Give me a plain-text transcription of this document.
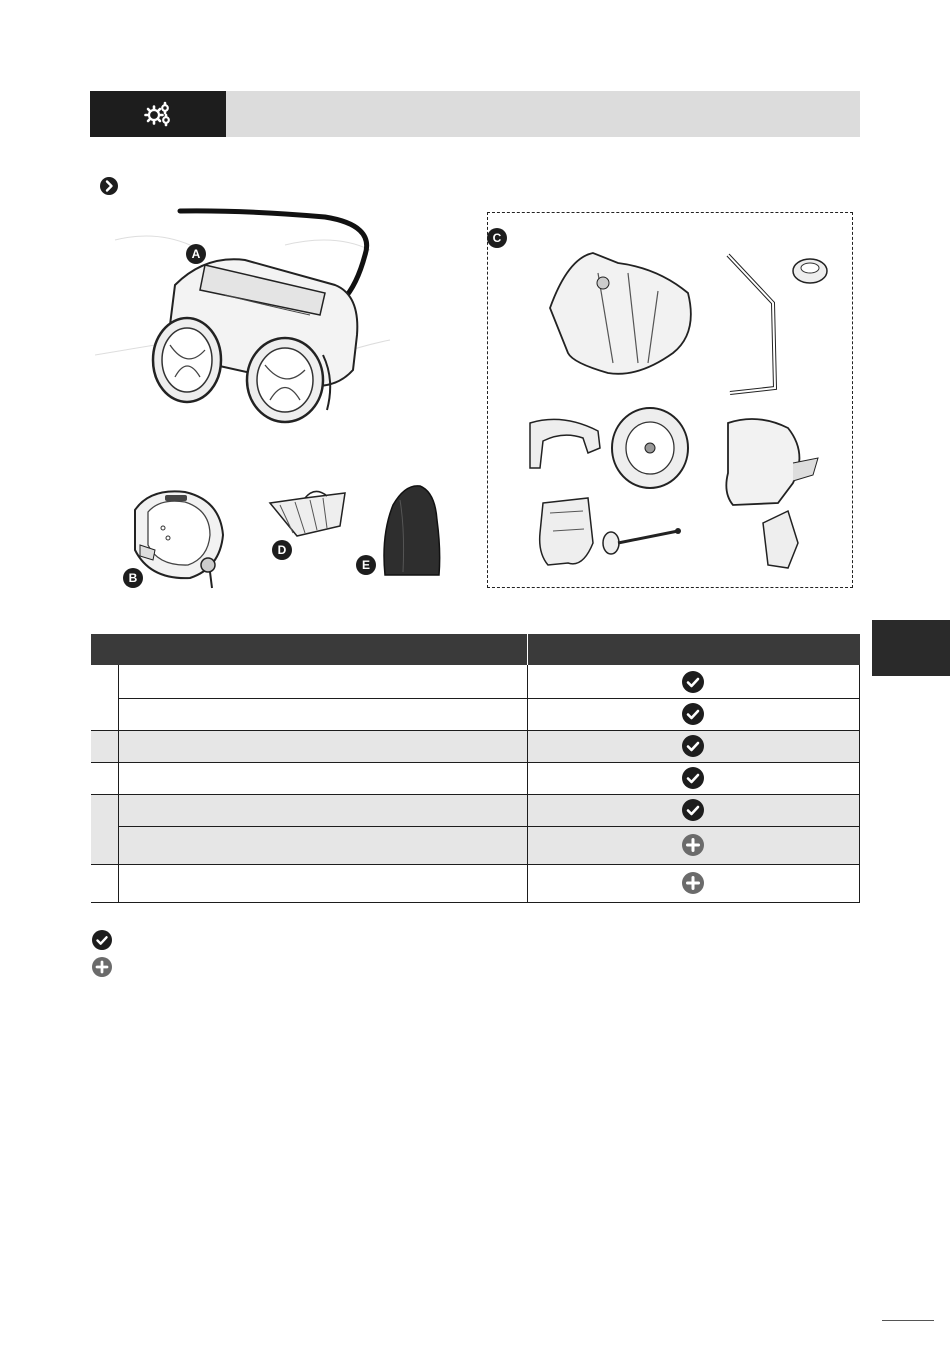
A
B
D
E
C
